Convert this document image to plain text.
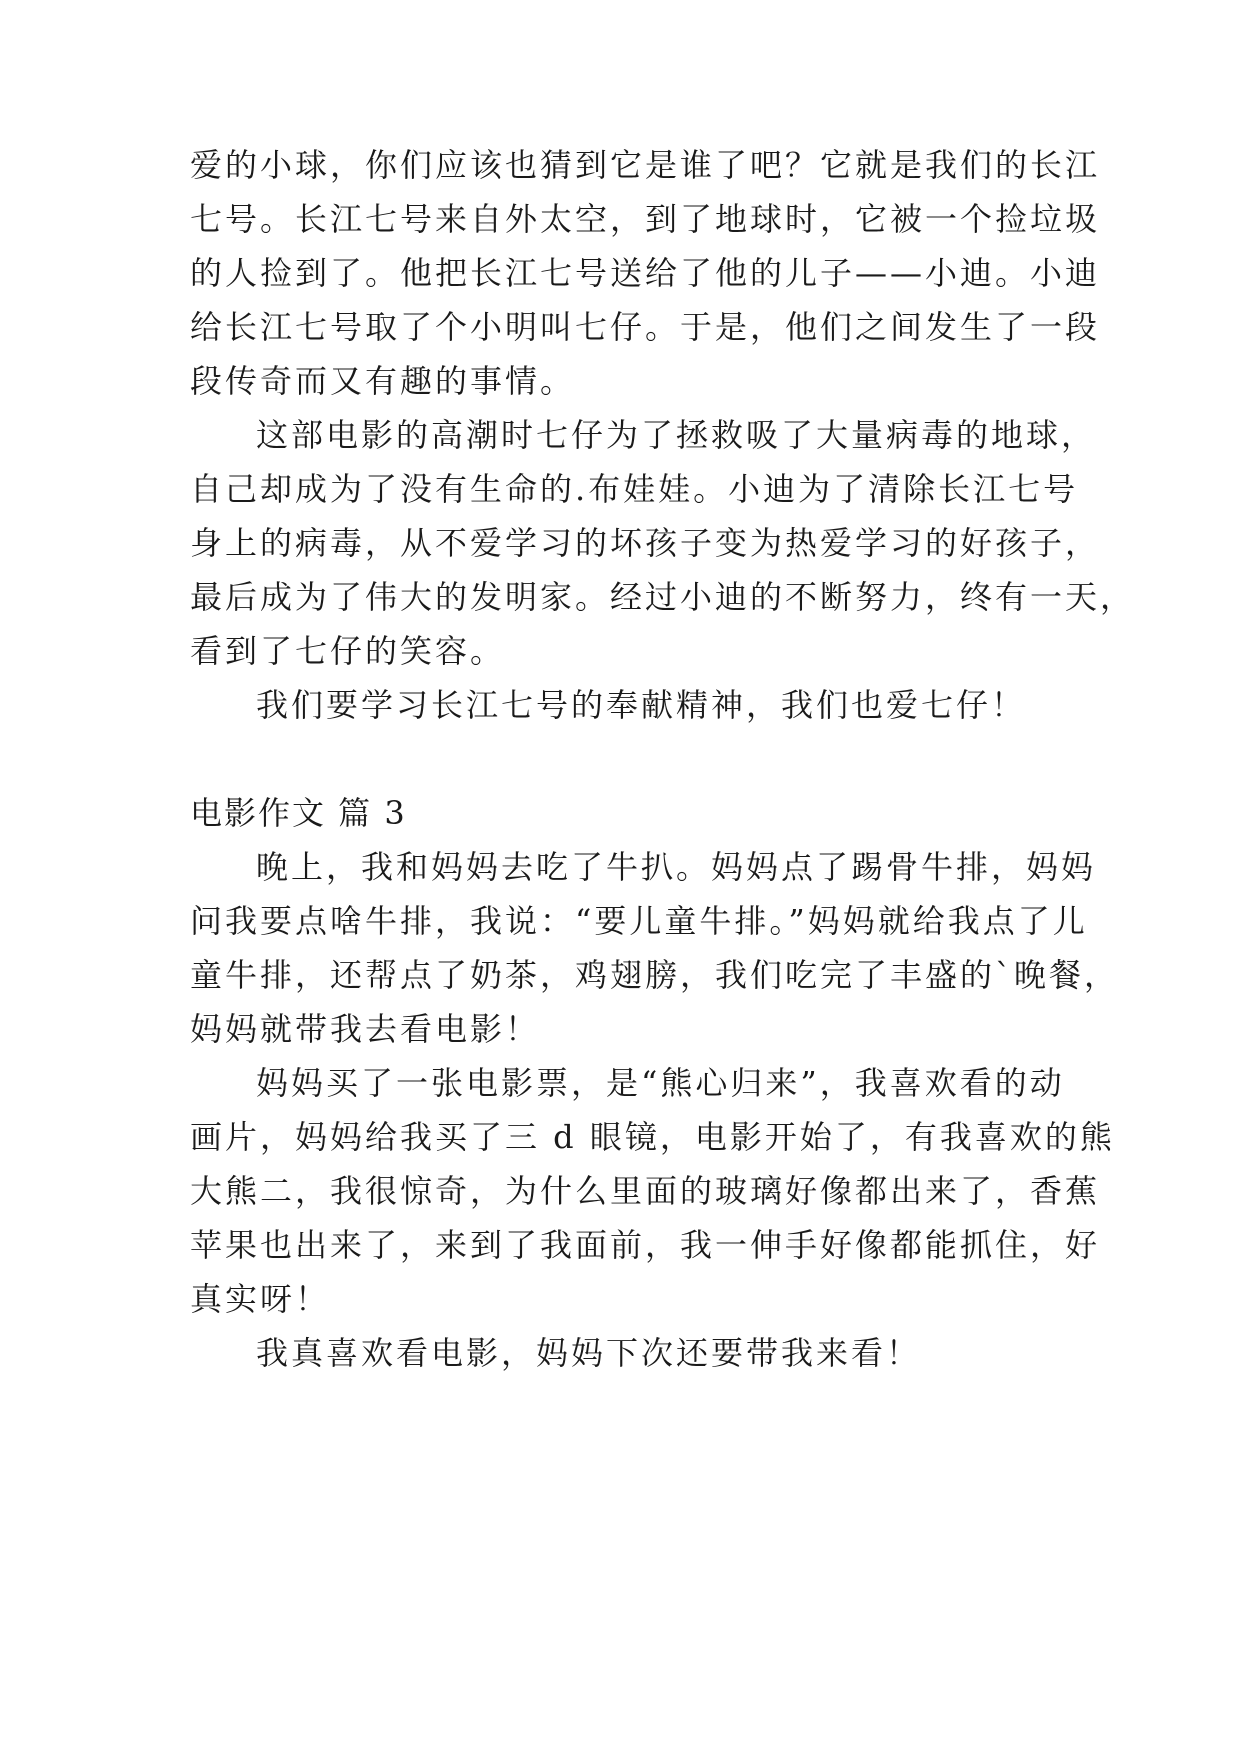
爱的小球，你们应该也猜到它是谁了吧？它就是我们的长江
七号。长江七号来自外太空，到了地球时，它被一个捡垃圾
的人捡到了。他把长江七号送给了他的儿子——小迪。小迪
给长江七号取了个小明叫七仔。于是，他们之间发生了一段
段传奇而又有趣的事情。
这部电影的高潮时七仔为了拯救吸了大量病毒的地球，
自己却成为了没有生命的.布娃娃。小迪为了清除长江七号
身上的病毒，从不爱学习的坏孩子变为热爱学习的好孩子，
最后成为了伟大的发明家。经过小迪的不断努力，终有一天，
看到了七仔的笑容。
我们要学习长江七号的奉献精神，我们也爱七仔！
电影作文 篇 3
晚上，我和妈妈去吃了牛扒。妈妈点了踢骨牛排，妈妈
问我要点啥牛排，我说：“要儿童牛排。”妈妈就给我点了儿
童牛排，还帮点了奶茶，鸡翅膀，我们吃完了丰盛的`晚餐，
妈妈就带我去看电影！
妈妈买了一张电影票，是“熊心归来”，我喜欢看的动
画片，妈妈给我买了三 d 眼镜，电影开始了，有我喜欢的熊
大熊二，我很惊奇，为什么里面的玻璃好像都出来了，香蕉
苹果也出来了，来到了我面前，我一伸手好像都能抓住，好
真实呀！
我真喜欢看电影，妈妈下次还要带我来看！
